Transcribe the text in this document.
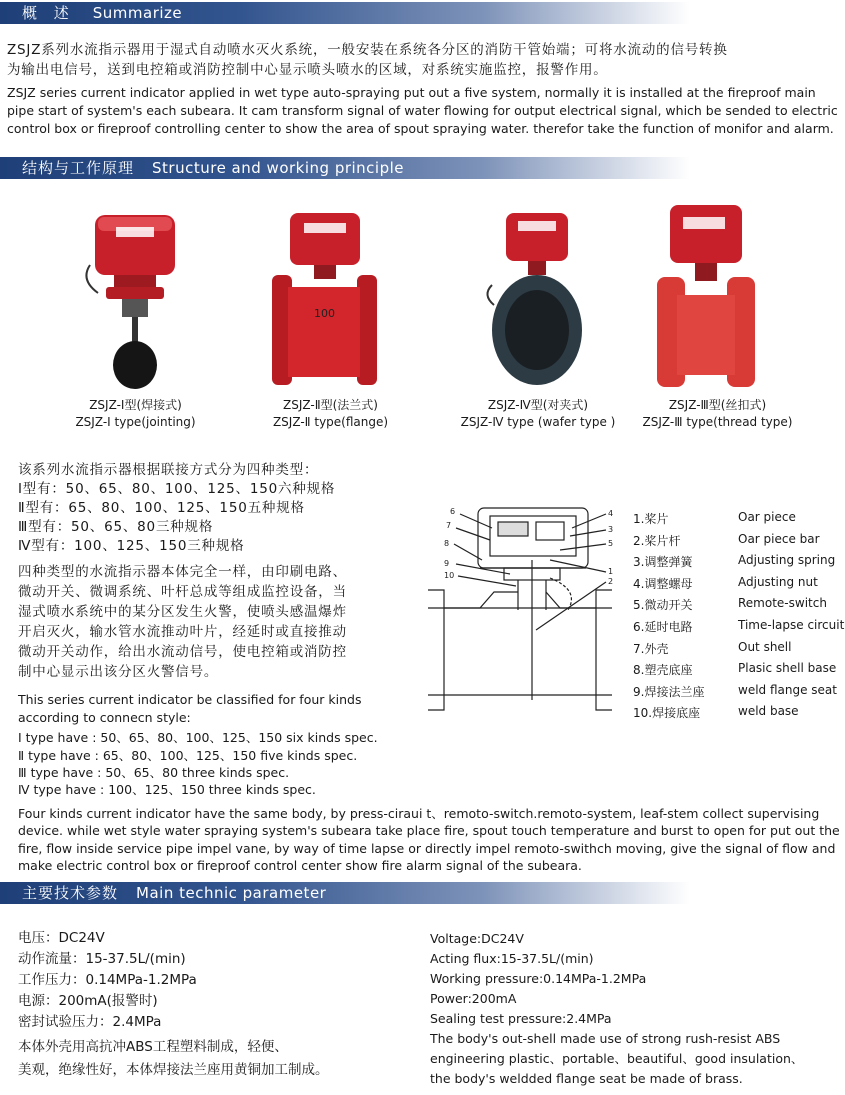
概 述 Summarize
ZSJZ系列水流指示器用于湿式自动喷水灭火系统，一般安装在系统各分区的消防干管始端；可将水流动的信号转换
为输出电信号，送到电控箱或消防控制中心显示喷头喷水的区域，对系统实施监控，报警作用。
ZSJZ series current indicator applied in wet type auto-spraying put out a five system, normally it is installed at the fireproof main
pipe start of system's each subeara. It cam transform signal of water flowing for output electrical signal, which be sended to electric
control box or fireproof controlling center to show the area of spout spraying water. therefor take the function of monifor and alarm.
结构与工作原理 Structure and working principle
100
ZSJZ-Ⅰ型(焊接式)
ZSJZ-Ⅰ type(jointing)
ZSJZ-Ⅱ型(法兰式)
ZSJZ-Ⅱ type(flange)
ZSJZ-Ⅳ型(对夹式)
ZSJZ-Ⅳ type (wafer type )
ZSJZ-Ⅲ型(丝扣式)
ZSJZ-Ⅲ type(thread type)
该系列水流指示器根据联接方式分为四种类型：
Ⅰ型有：50、65、80、100、125、150六种规格
Ⅱ型有：65、80、100、125、150五种规格
Ⅲ型有：50、65、80三种规格
Ⅳ型有：100、125、150三种规格
四种类型的水流指示器本体完全一样，由印刷电路、
微动开关、微调系统、叶杆总成等组成监控设备，当
湿式喷水系统中的某分区发生火警，使喷头感温爆炸
开启灭火，输水管水流推动叶片，经延时或直接推动
微动开关动作，给出水流动信号，使电控箱或消防控
制中心显示出该分区火警信号。
This series current indicator be classified for four kinds
according to connecn style:
Ⅰ type have : 50、65、80、100、125、150 six kinds spec.
Ⅱ type have : 65、80、100、125、150 five kinds spec.
Ⅲ type have : 50、65、80 three kinds spec.
Ⅳ type have : 100、125、150 three kinds spec.
6
7
8
9
10
4
3
5
1
2
1.桨片	Oar piece
2.桨片杆	Oar piece bar
3.调整弹簧	Adjusting spring
4.调整螺母	Adjusting nut
5.微动开关	Remote-switch
6.延时电路	Time-lapse circuit
7.外壳	Out shell
8.塑壳底座	Plasic shell base
9.焊接法兰座	weld flange seat
10.焊接底座	weld base
Four kinds current indicator have the same body, by press-ciraui t、remoto-switch.remoto-system, leaf-stem collect supervising
device. while wet style water spraying system's subeara take place fire, spout touch temperature and burst to open for put out the
fire, flow inside service pipe impel vane, by way of time lapse or directly impel remoto-swithch moving, give the signal of flow and
make electric control box or fireproof control center show fire alarm signal of the subeara.
主要技术参数 Main technic parameter
电压：DC24V
动作流量：15-37.5L/(min)
工作压力：0.14MPa-1.2MPa
电源：200mA(报警时)
密封试验压力：2.4MPa
本体外壳用高抗冲ABS工程塑料制成，轻便、
美观，绝缘性好，本体焊接法兰座用黄铜加工制成。
Voltage:DC24V
Acting flux:15-37.5L/(min)
Working pressure:0.14MPa-1.2MPa
Power:200mA
Sealing test pressure:2.4MPa
The body's out-shell made use of strong rush-resist ABS
engineering plastic、portable、beautiful、good insulation、
the body's weldded flange seat be made of brass.
